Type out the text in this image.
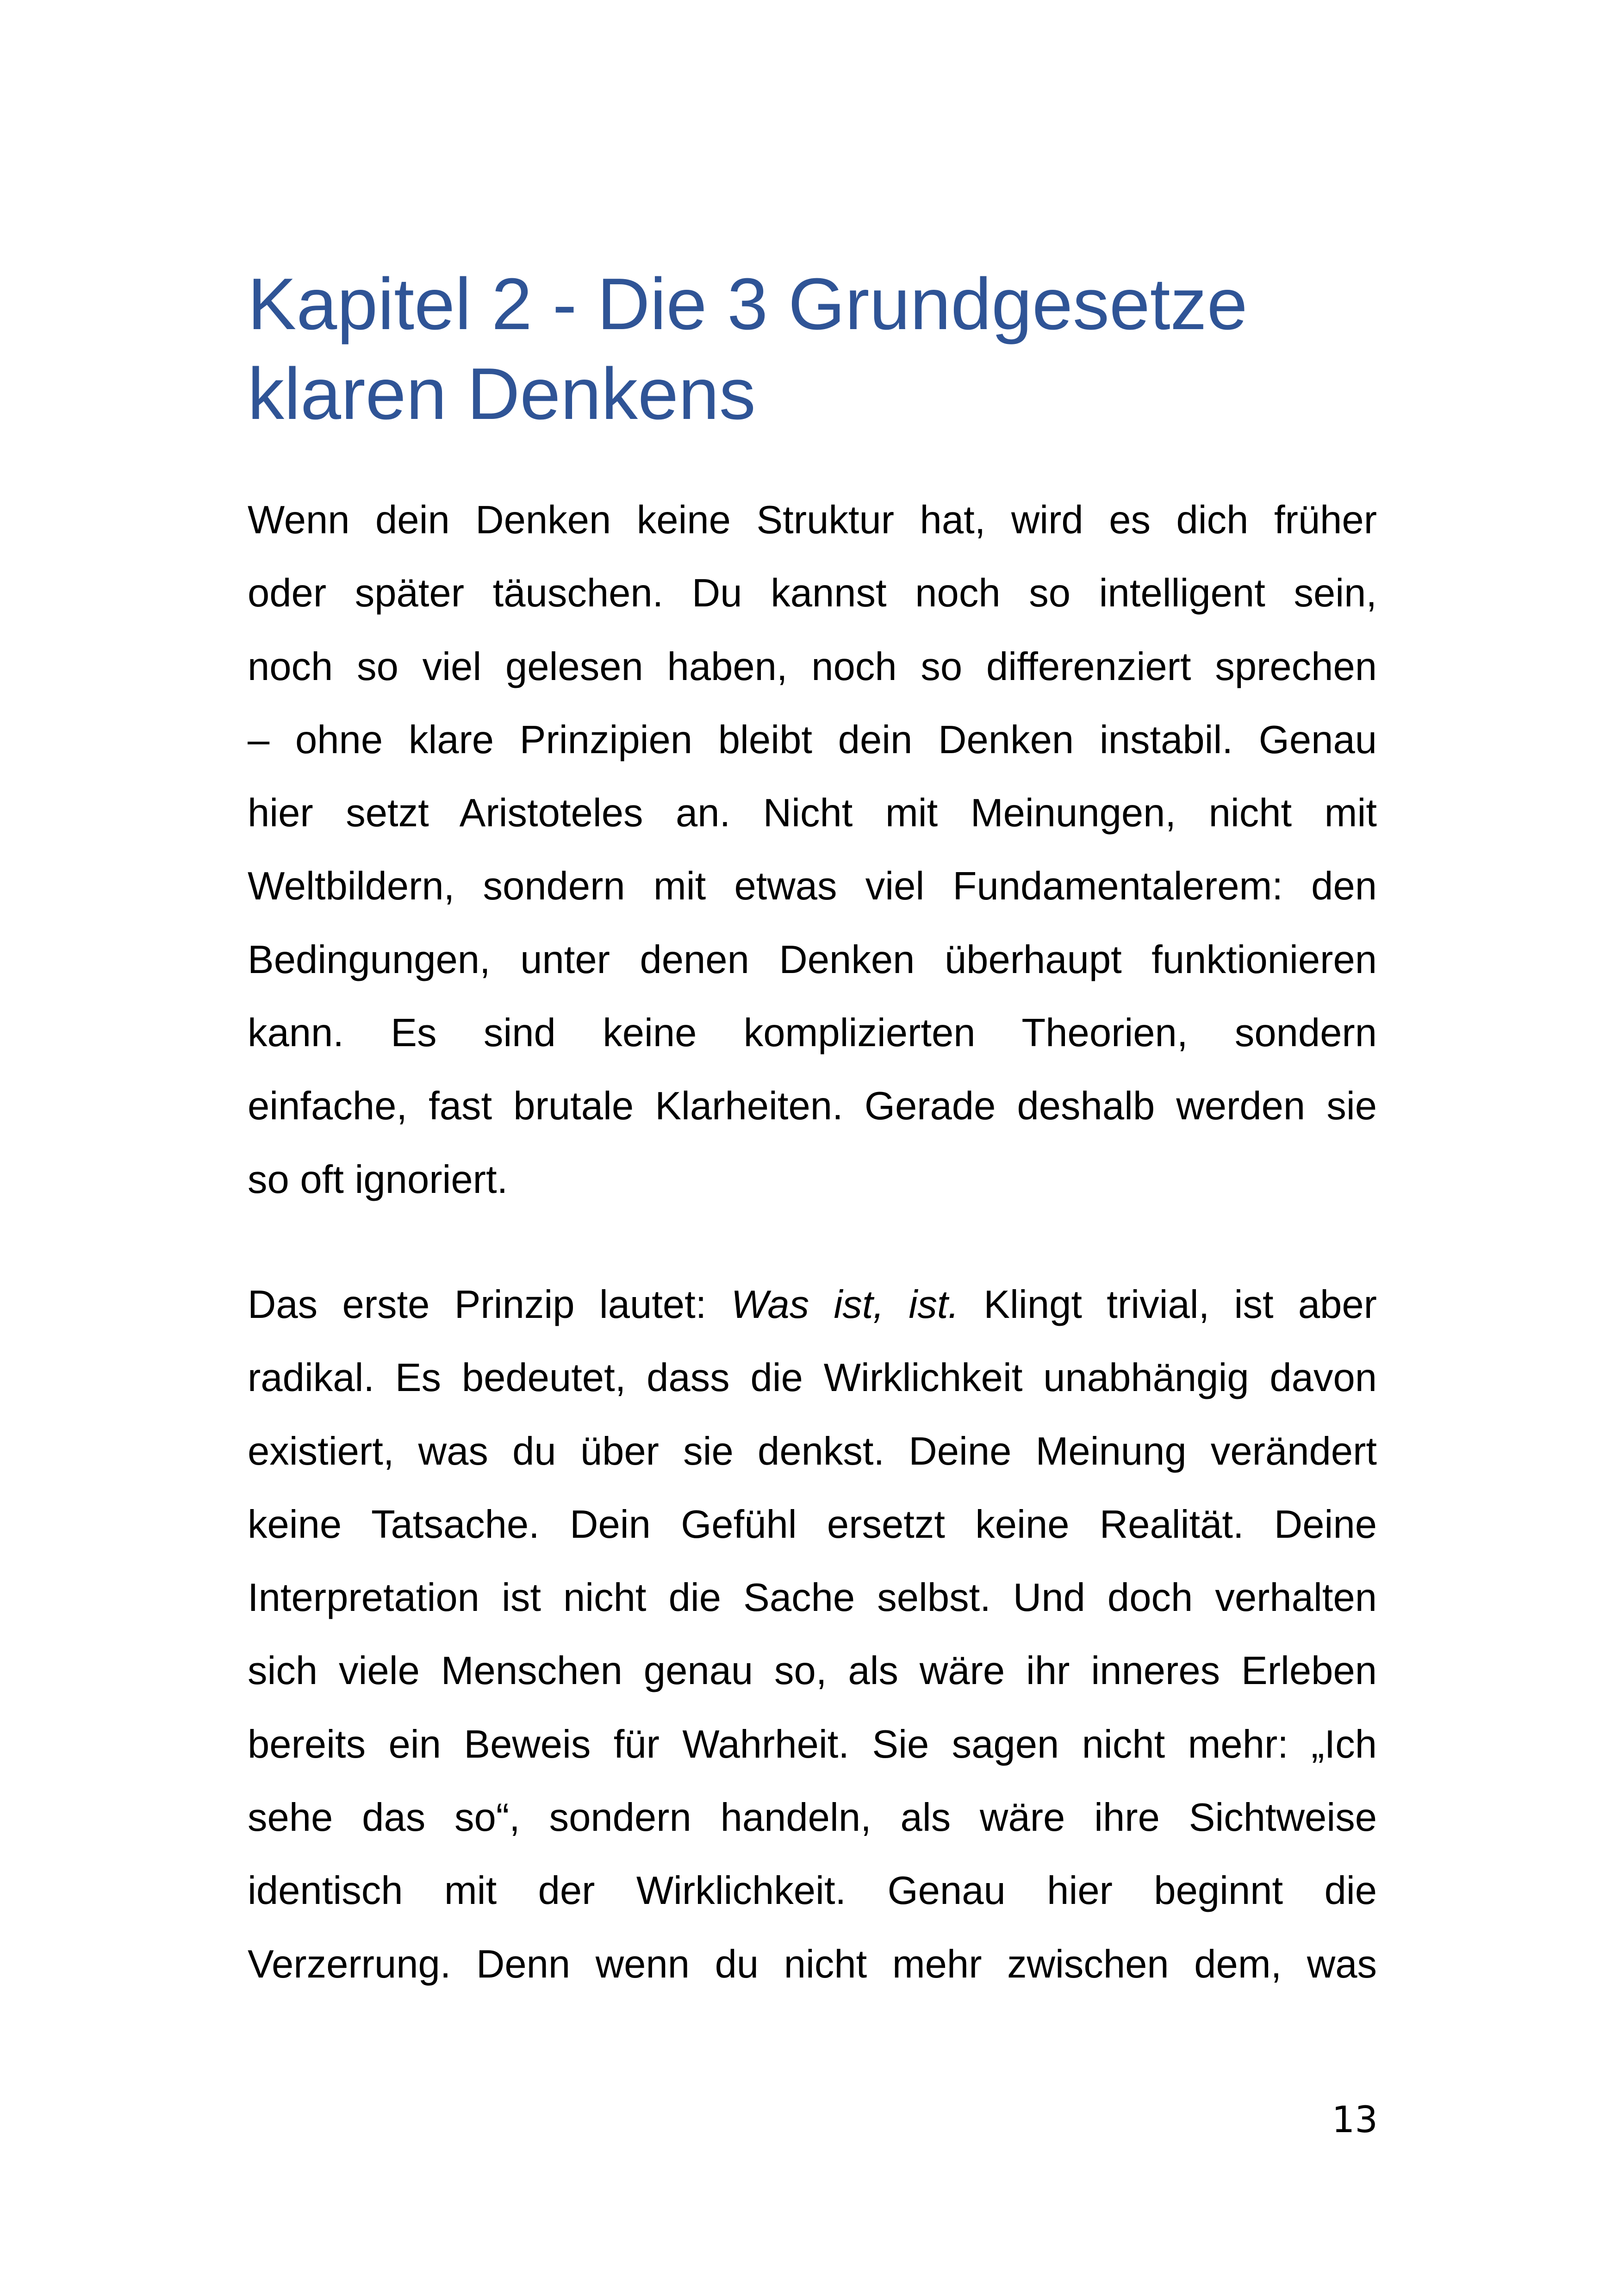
Kapitel 2 - Die 3 Grundgesetze
klaren Denkens
Wenn dein Denken keine Struktur hat, wird es dich früher
oder später täuschen. Du kannst noch so intelligent sein,
noch so viel gelesen haben, noch so differenziert sprechen
– ohne klare Prinzipien bleibt dein Denken instabil. Genau
hier setzt Aristoteles an. Nicht mit Meinungen, nicht mit
Weltbildern, sondern mit etwas viel Fundamentalerem: den
Bedingungen, unter denen Denken überhaupt funktionieren
kann. Es sind keine komplizierten Theorien, sondern
einfache, fast brutale Klarheiten. Gerade deshalb werden sie
so oft ignoriert.
Das erste Prinzip lautet: Was ist, ist. Klingt trivial, ist aber
radikal. Es bedeutet, dass die Wirklichkeit unabhängig davon
existiert, was du über sie denkst. Deine Meinung verändert
keine Tatsache. Dein Gefühl ersetzt keine Realität. Deine
Interpretation ist nicht die Sache selbst. Und doch verhalten
sich viele Menschen genau so, als wäre ihr inneres Erleben
bereits ein Beweis für Wahrheit. Sie sagen nicht mehr: „Ich
sehe das so“, sondern handeln, als wäre ihre Sichtweise
identisch mit der Wirklichkeit. Genau hier beginnt die
Verzerrung. Denn wenn du nicht mehr zwischen dem, was
13
